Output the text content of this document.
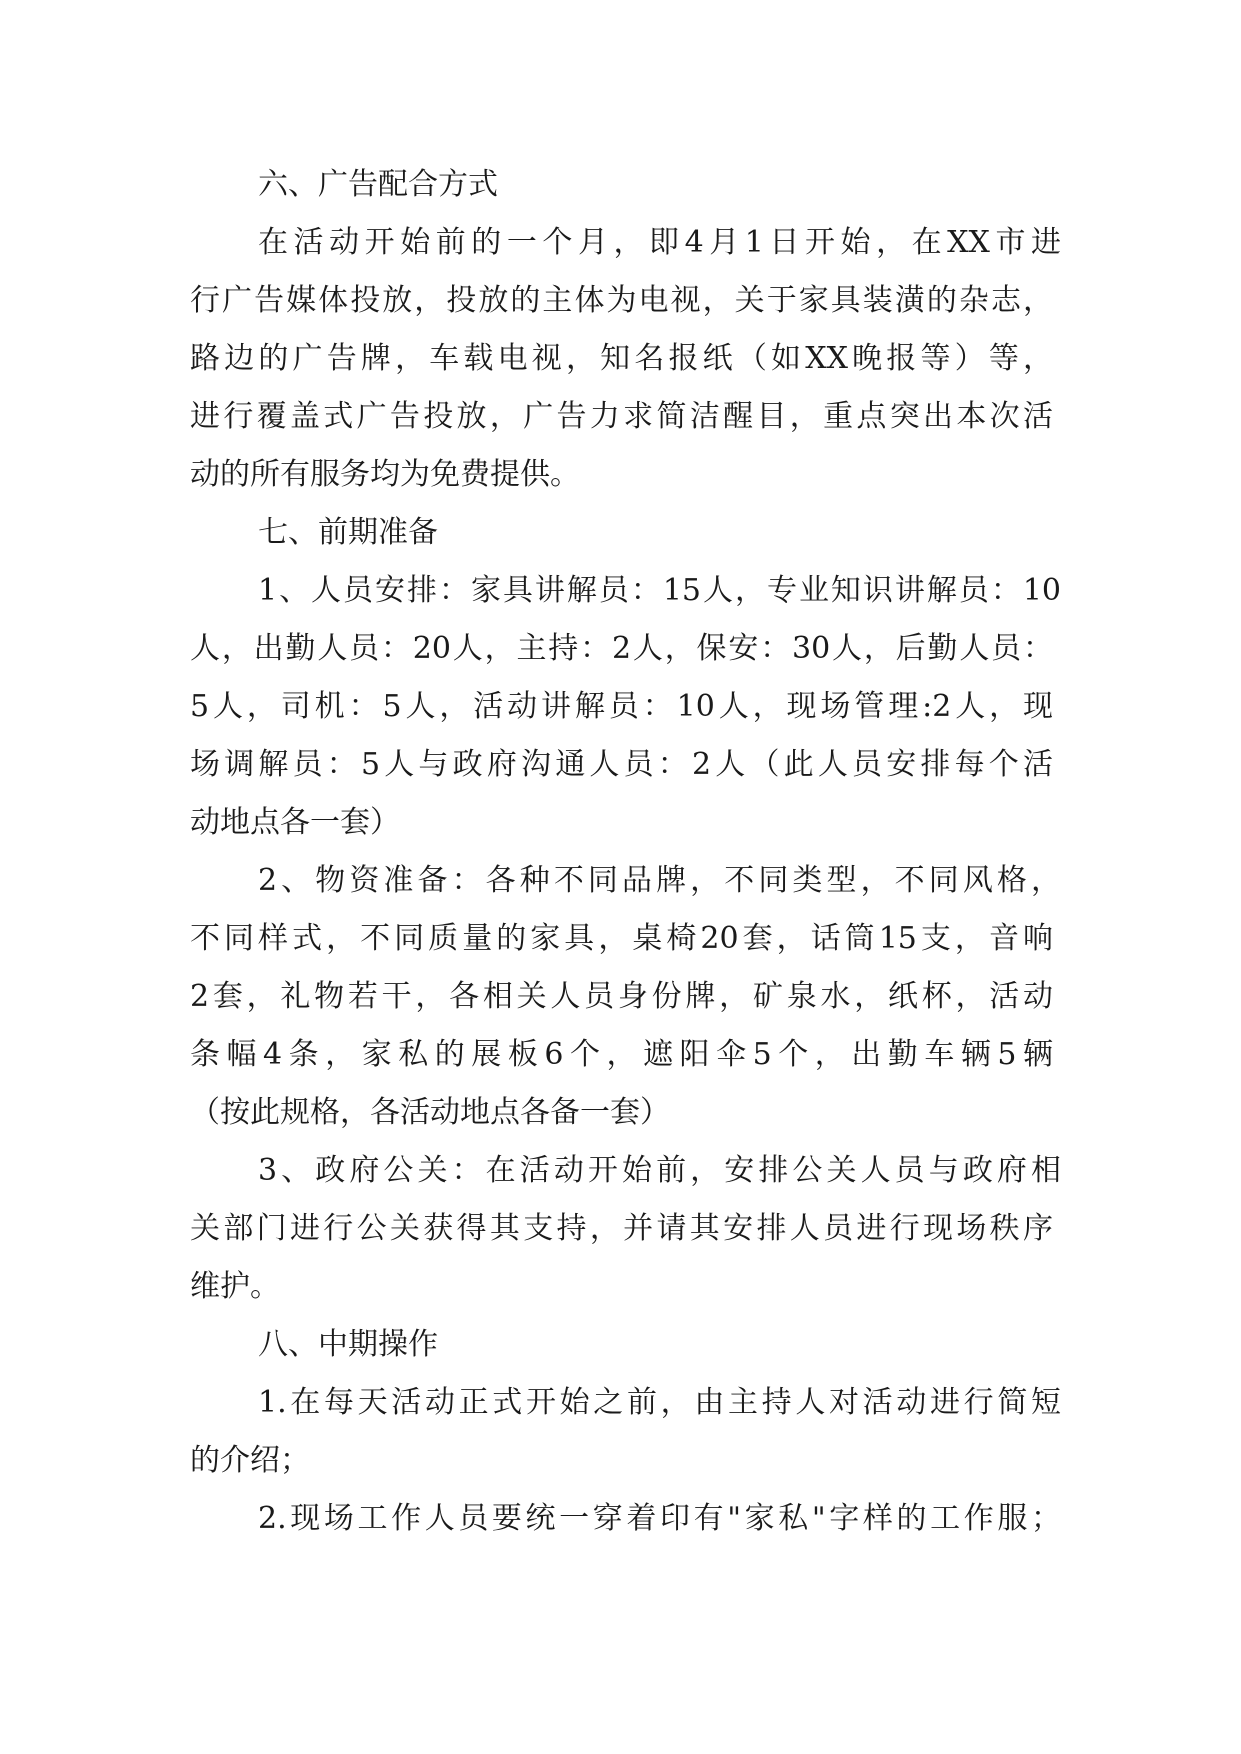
六、广告配合方式
在活动开始前的一个月，即4月1日开始，在XX市进
行广告媒体投放，投放的主体为电视，关于家具装潢的杂志，
路边的广告牌，车载电视，知名报纸（如XX晚报等）等，
进行覆盖式广告投放，广告力求简洁醒目，重点突出本次活
动的所有服务均为免费提供。
七、前期准备
1、人员安排：家具讲解员：15人，专业知识讲解员：10
人，出勤人员：20人，主持：2人，保安：30人，后勤人员：
5人，司机：5人，活动讲解员：10人，现场管理:2人，现
场调解员：5人与政府沟通人员：2人（此人员安排每个活
动地点各一套）
2、物资准备：各种不同品牌，不同类型，不同风格，
不同样式，不同质量的家具，桌椅20套，话筒15支，音响
2套，礼物若干，各相关人员身份牌，矿泉水，纸杯，活动
条幅4条，家私的展板6个，遮阳伞5个，出勤车辆5辆
（按此规格，各活动地点各备一套）
3、政府公关：在活动开始前，安排公关人员与政府相
关部门进行公关获得其支持，并请其安排人员进行现场秩序
维护。
八、中期操作
1.在每天活动正式开始之前，由主持人对活动进行简短
的介绍；
2.现场工作人员要统一穿着印有"家私"字样的工作服；
